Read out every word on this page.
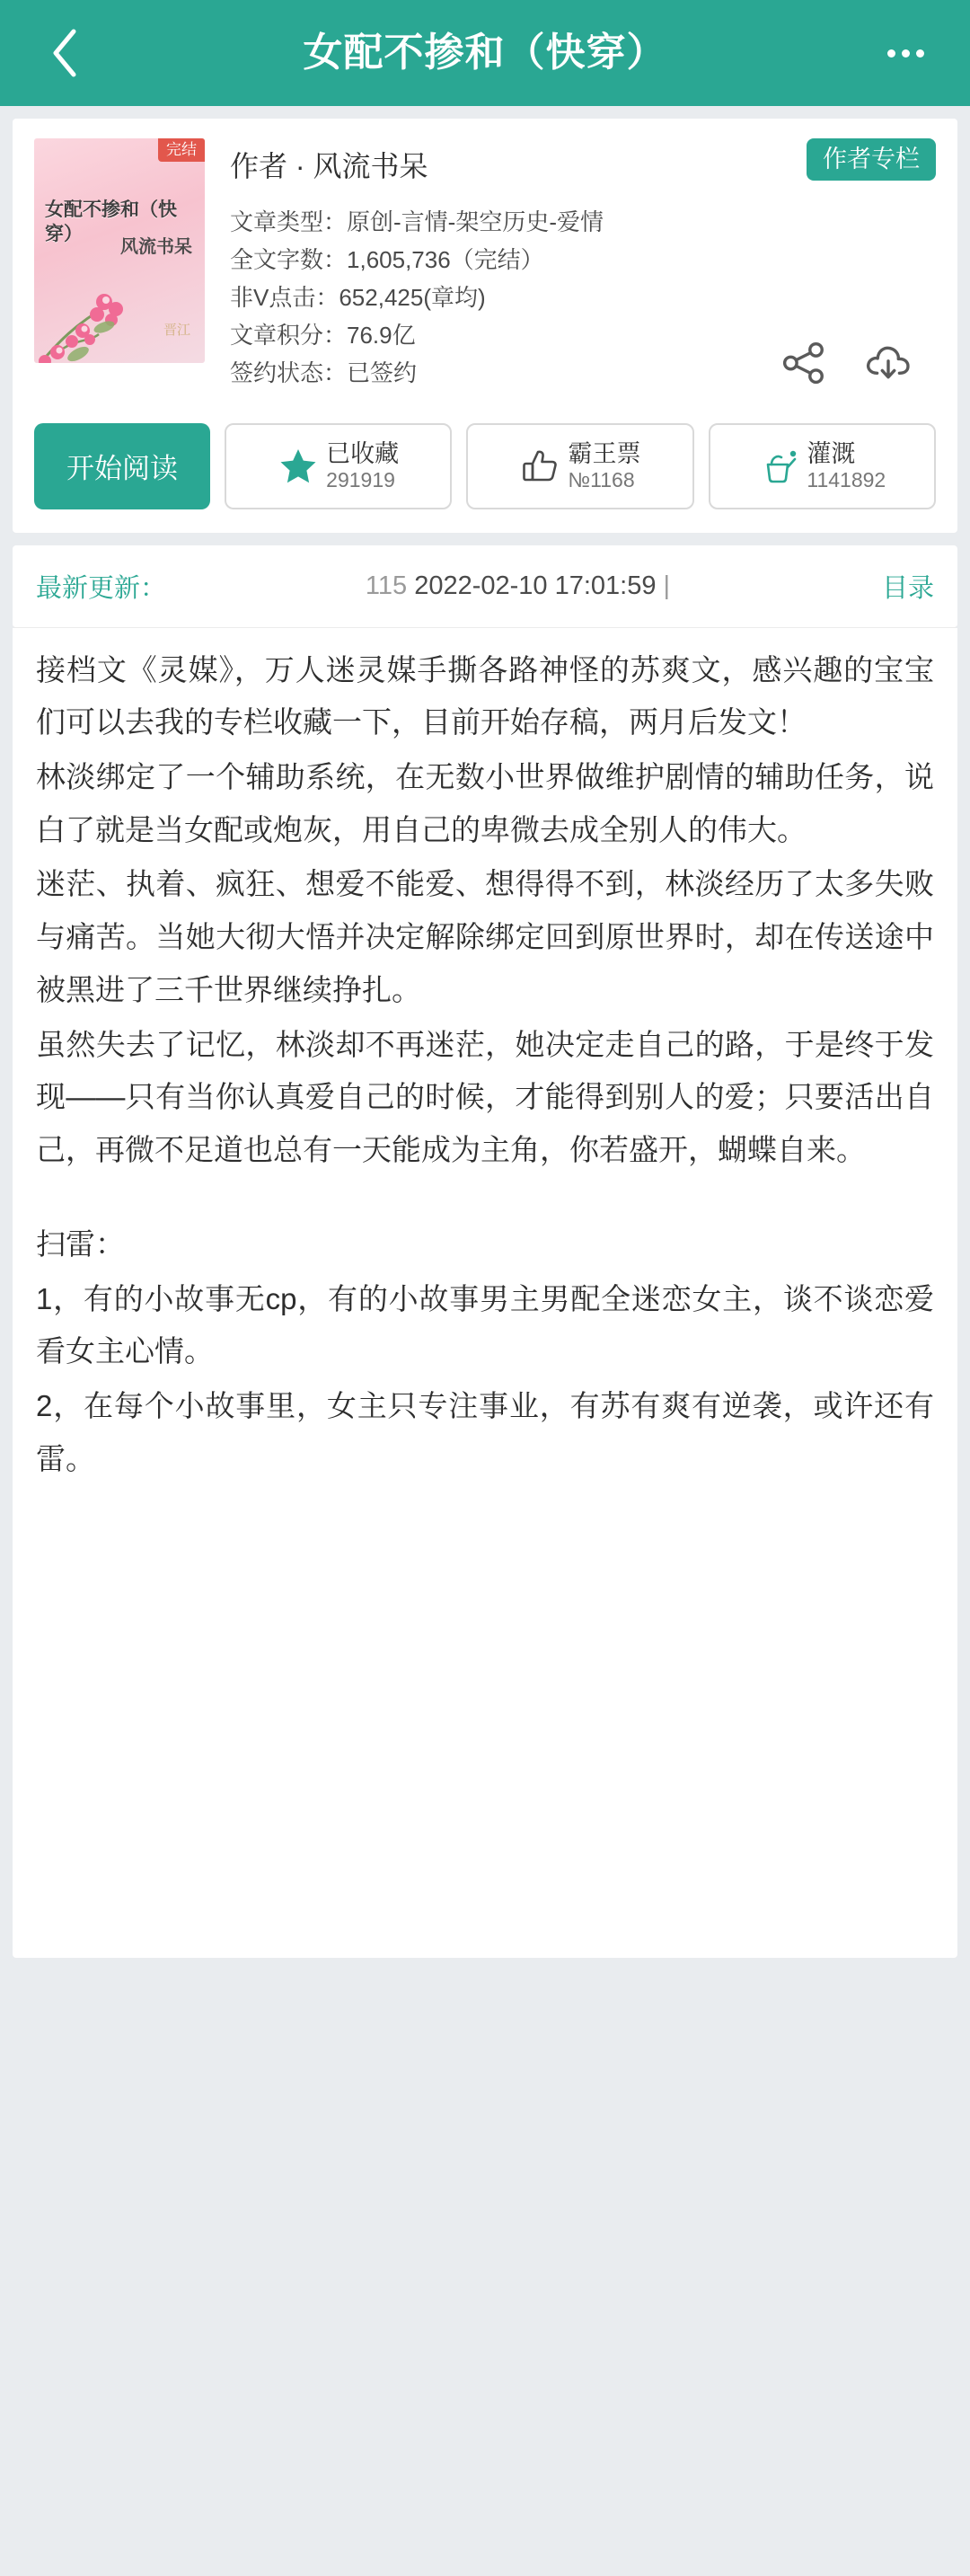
女配不掺和（快穿）
完结
女配不掺和（快穿）
风流书呆
晋江
作者专栏
作者 · 风流书呆
文章类型：原创-言情-架空历史-爱情
全文字数：1,605,736（完结）
非V点击：652,425(章均)
文章积分：76.9亿
签约状态：已签约
开始阅读	已收藏
291919
霸王票
№1168
灌溉
1141892
最新更新：	115 2022-02-10 17:01:59 |	目录

接档文《灵媒》，万人迷灵媒手撕各路神怪的苏爽文，感兴趣的宝宝们可以去我的专栏收藏一下，目前开始存稿，两月后发文！

林淡绑定了一个辅助系统，在无数小世界做维护剧情的辅助任务，说白了就是当女配或炮灰，用自己的卑微去成全别人的伟大。

迷茫、执着、疯狂、想爱不能爱、想得得不到，林淡经历了太多失败与痛苦。当她大彻大悟并决定解除绑定回到原世界时，却在传送途中被黑进了三千世界继续挣扎。

虽然失去了记忆，林淡却不再迷茫，她决定走自己的路，于是终于发现——只有当你认真爱自己的时候，才能得到别人的爱；只要活出自己，再微不足道也总有一天能成为主角，你若盛开，蝴蝶自来。

扫雷：

1，有的小故事无cp，有的小故事男主男配全迷恋女主，谈不谈恋爱看女主心情。

2，在每个小故事里，女主只专注事业，有苏有爽有逆袭，或许还有雷。
